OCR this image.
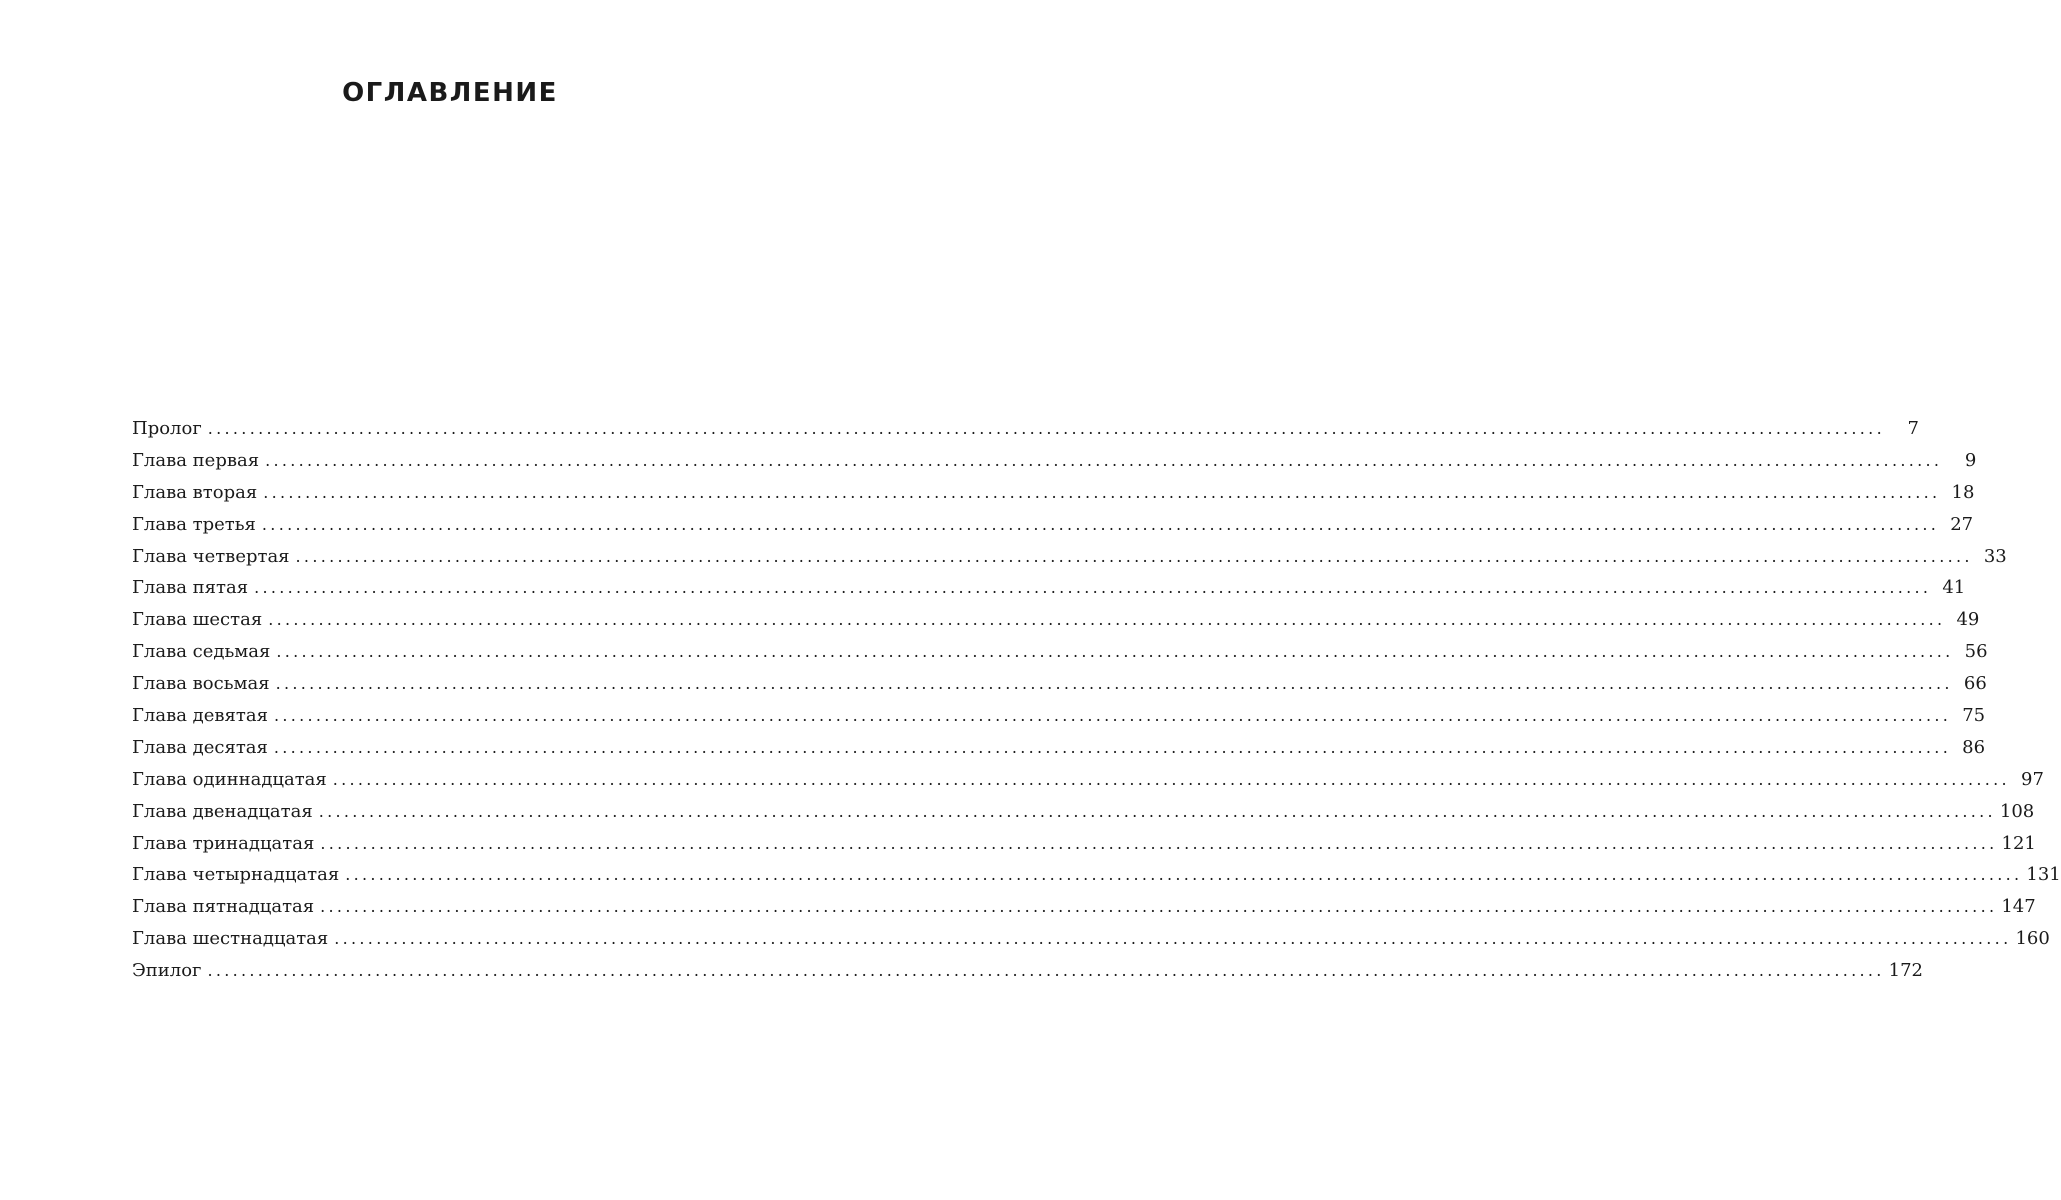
ОГЛАВЛЕНИЕ
Пролог ........................................................................................................................................................................................................	7
Глава первая ........................................................................................................................................................................................................	9
Глава вторая ........................................................................................................................................................................................................ 18
Глава третья ........................................................................................................................................................................................................ 27
Глава четвертая ........................................................................................................................................................................................................ 33
Глава пятая ........................................................................................................................................................................................................ 41
Глава шестая ........................................................................................................................................................................................................ 49
Глава седьмая ........................................................................................................................................................................................................ 56
Глава восьмая ........................................................................................................................................................................................................ 66
Глава девятая ........................................................................................................................................................................................................ 75
Глава десятая ........................................................................................................................................................................................................ 86
Глава одиннадцатая ........................................................................................................................................................................................................ 97
Глава двенадцатая ........................................................................................................................................................................................................ 108
Глава тринадцатая ........................................................................................................................................................................................................ 121
Глава четырнадцатая ........................................................................................................................................................................................................ 131
Глава пятнадцатая ........................................................................................................................................................................................................ 147
Глава шестнадцатая ........................................................................................................................................................................................................ 160
Эпилог ........................................................................................................................................................................................................ 172
